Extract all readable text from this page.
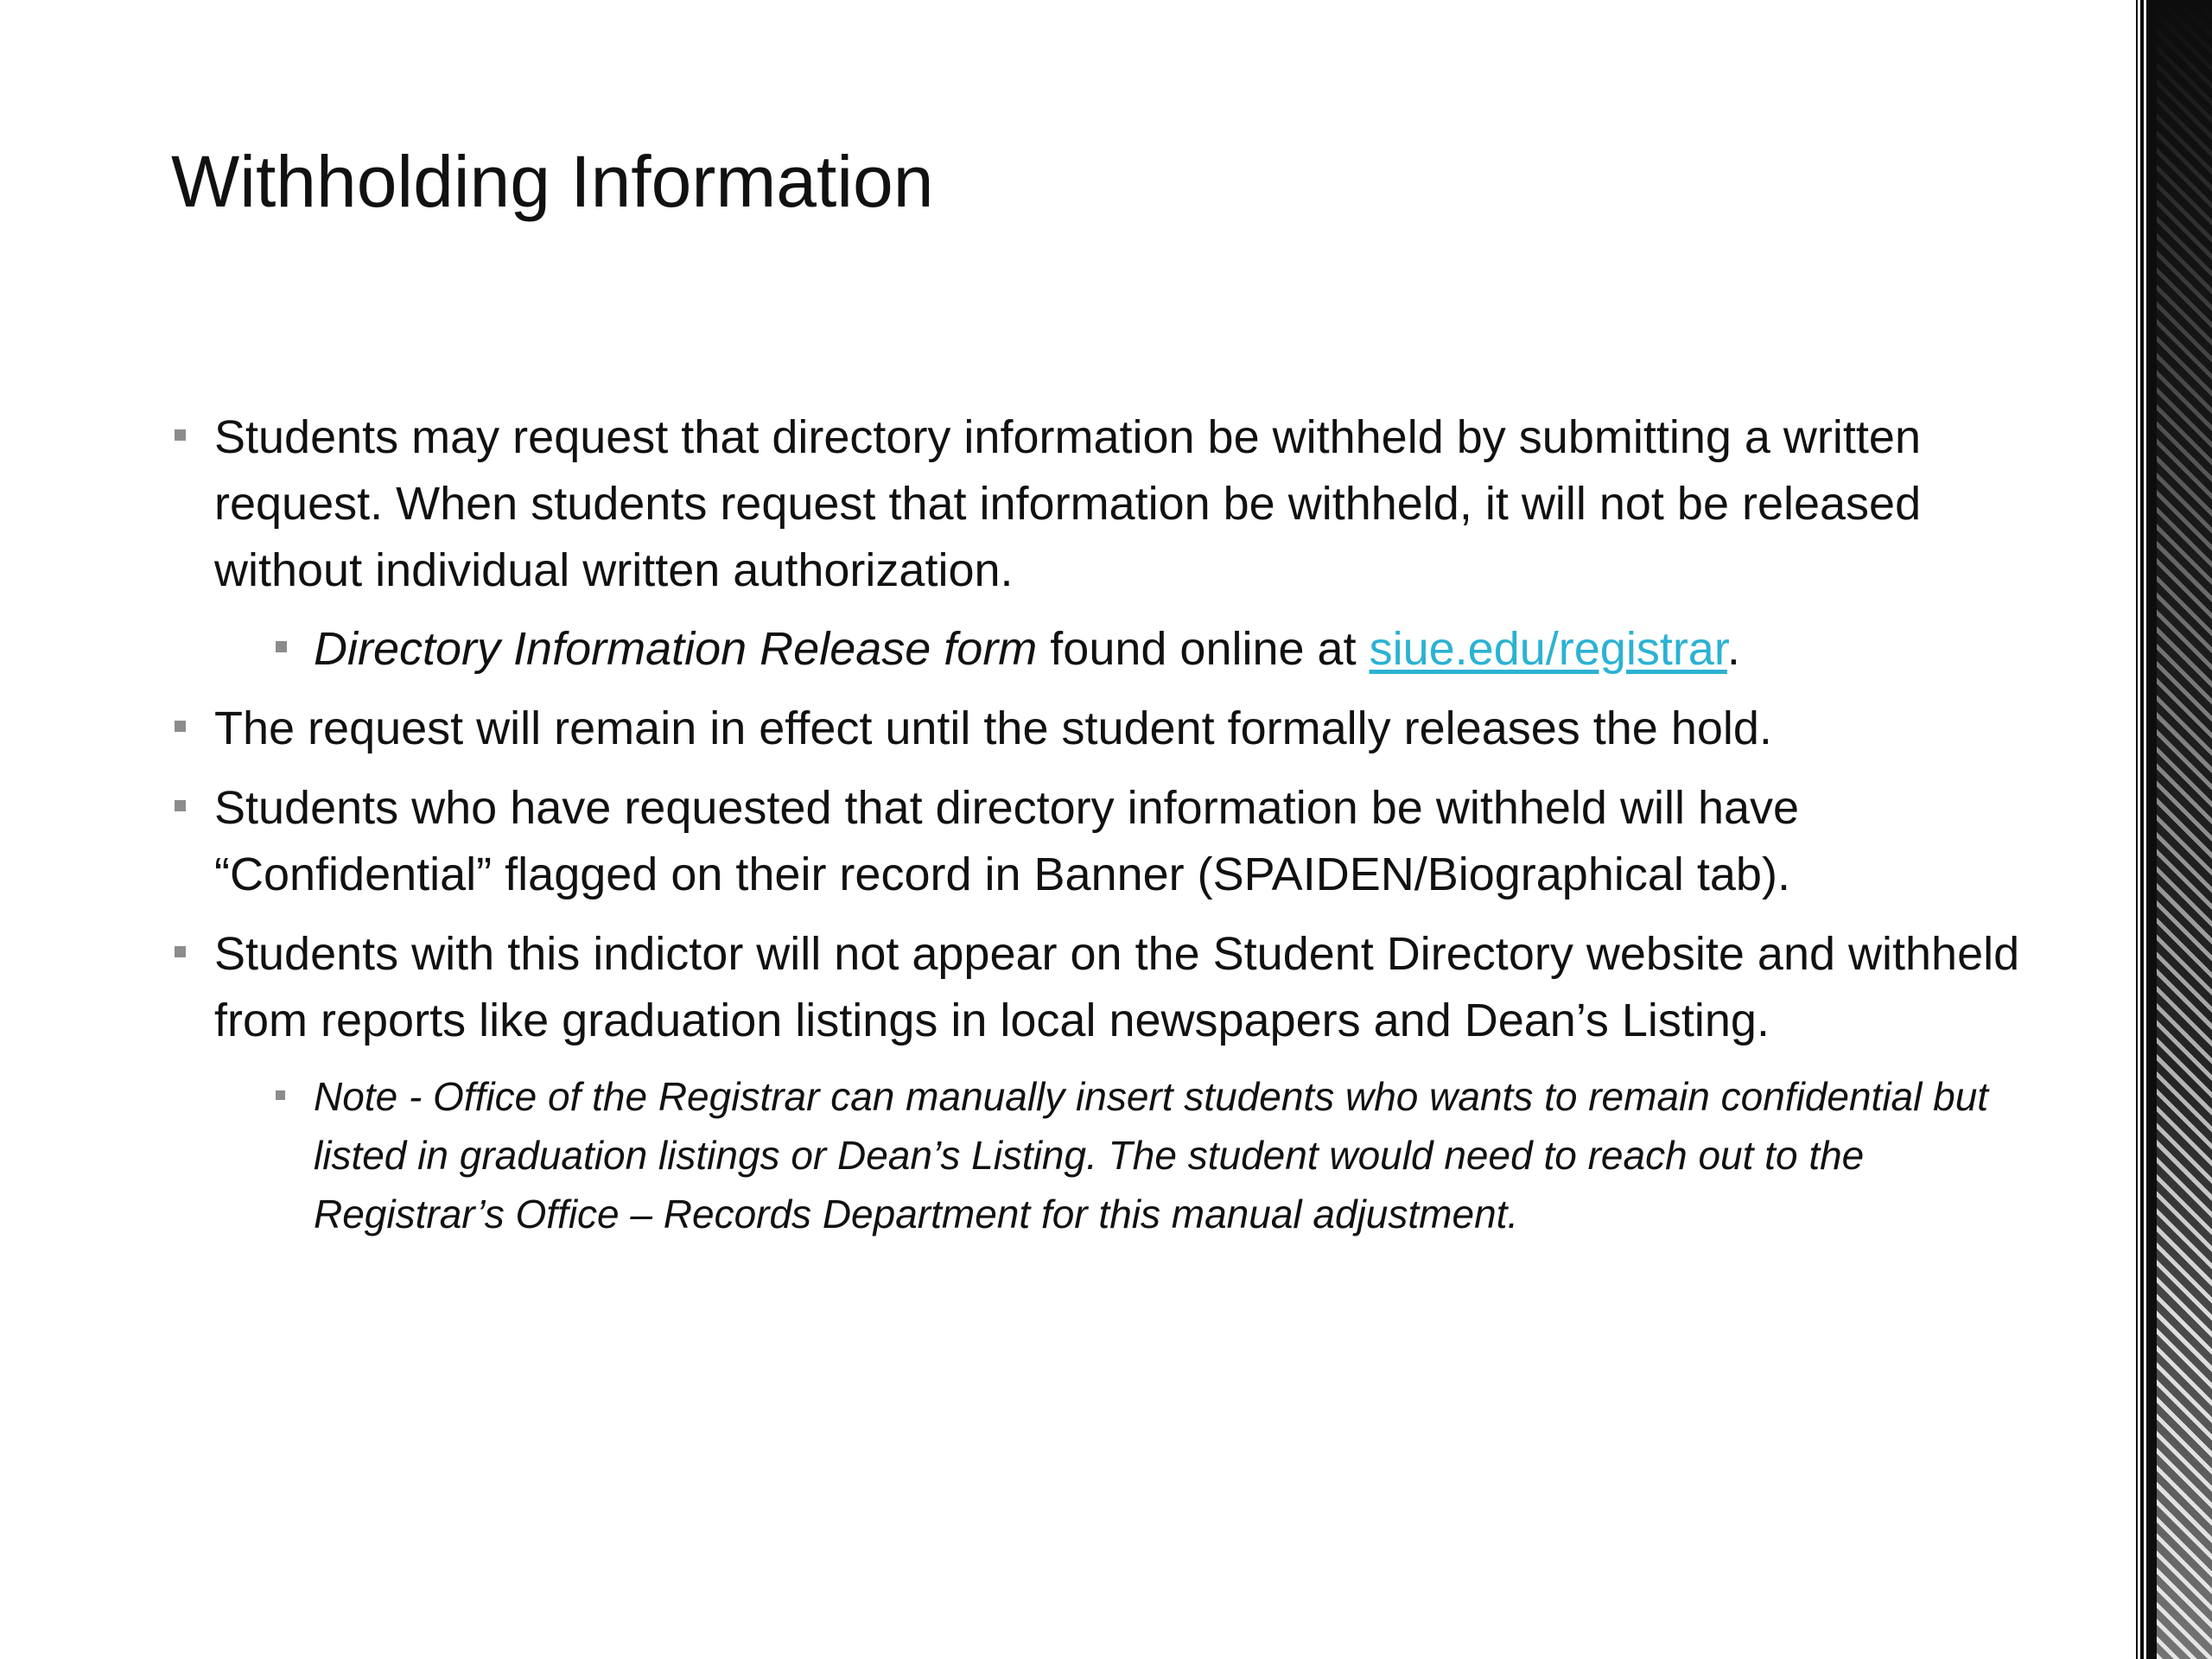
Withholding Information
Students may request that directory information be withheld by submitting a written request. When students request that information be withheld, it will not be released without individual written authorization.
Directory Information Release form found online at siue.edu/registrar.
The request will remain in effect until the student formally releases the hold.
Students who have requested that directory information be withheld will have “Confidential” flagged on their record in Banner (SPAIDEN/Biographical tab).
Students with this indictor will not appear on the Student Directory website and withheld from reports like graduation listings in local newspapers and Dean’s Listing.
Note - Office of the Registrar can manually insert students who wants to remain confidential but listed in graduation listings or Dean’s Listing. The student would need to reach out to the Registrar’s Office – Records Department for this manual adjustment.
